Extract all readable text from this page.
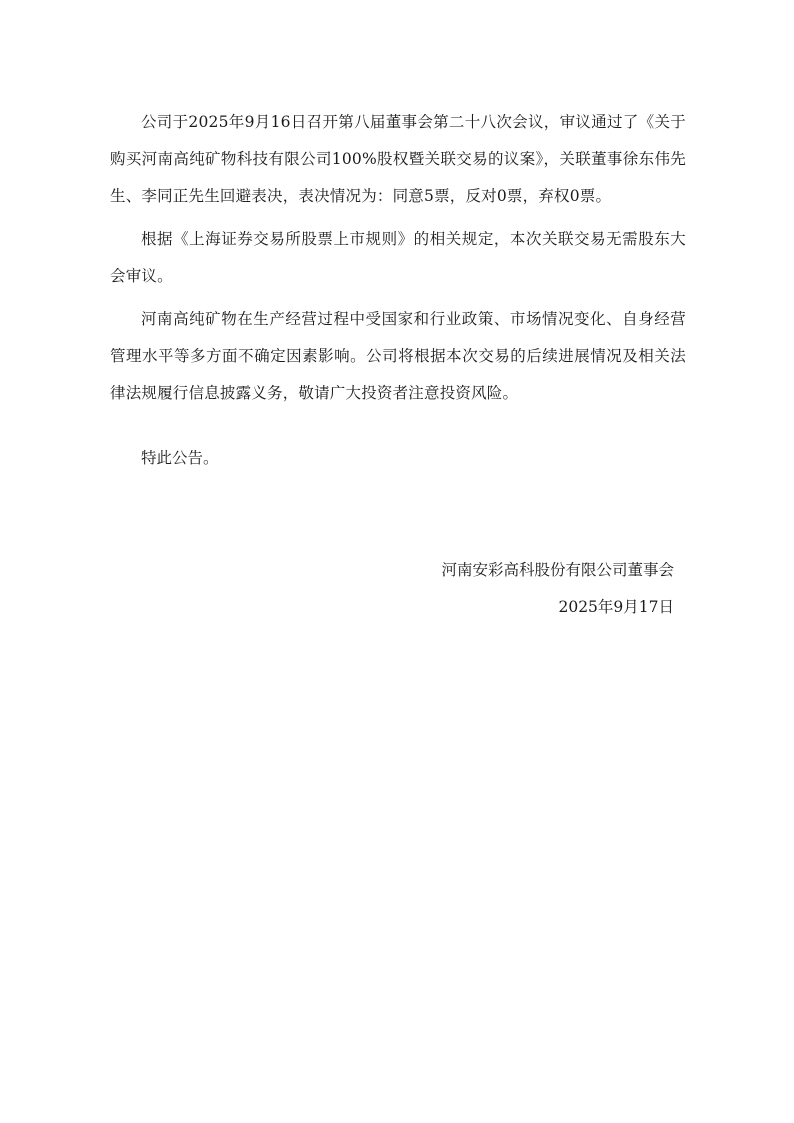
公司于2025年9月16日召开第八届董事会第二十八次会议，审议通过了《关于购买河南高纯矿物科技有限公司100%股权暨关联交易的议案》，关联董事徐东伟先生、李同正先生回避表决，表决情况为：同意5票，反对0票，弃权0票。

根据《上海证券交易所股票上市规则》的相关规定，本次关联交易无需股东大会审议。

河南高纯矿物在生产经营过程中受国家和行业政策、市场情况变化、自身经营管理水平等多方面不确定因素影响。公司将根据本次交易的后续进展情况及相关法律法规履行信息披露义务，敬请广大投资者注意投资风险。

特此公告。
河南安彩高科股份有限公司董事会
2025年9月17日
